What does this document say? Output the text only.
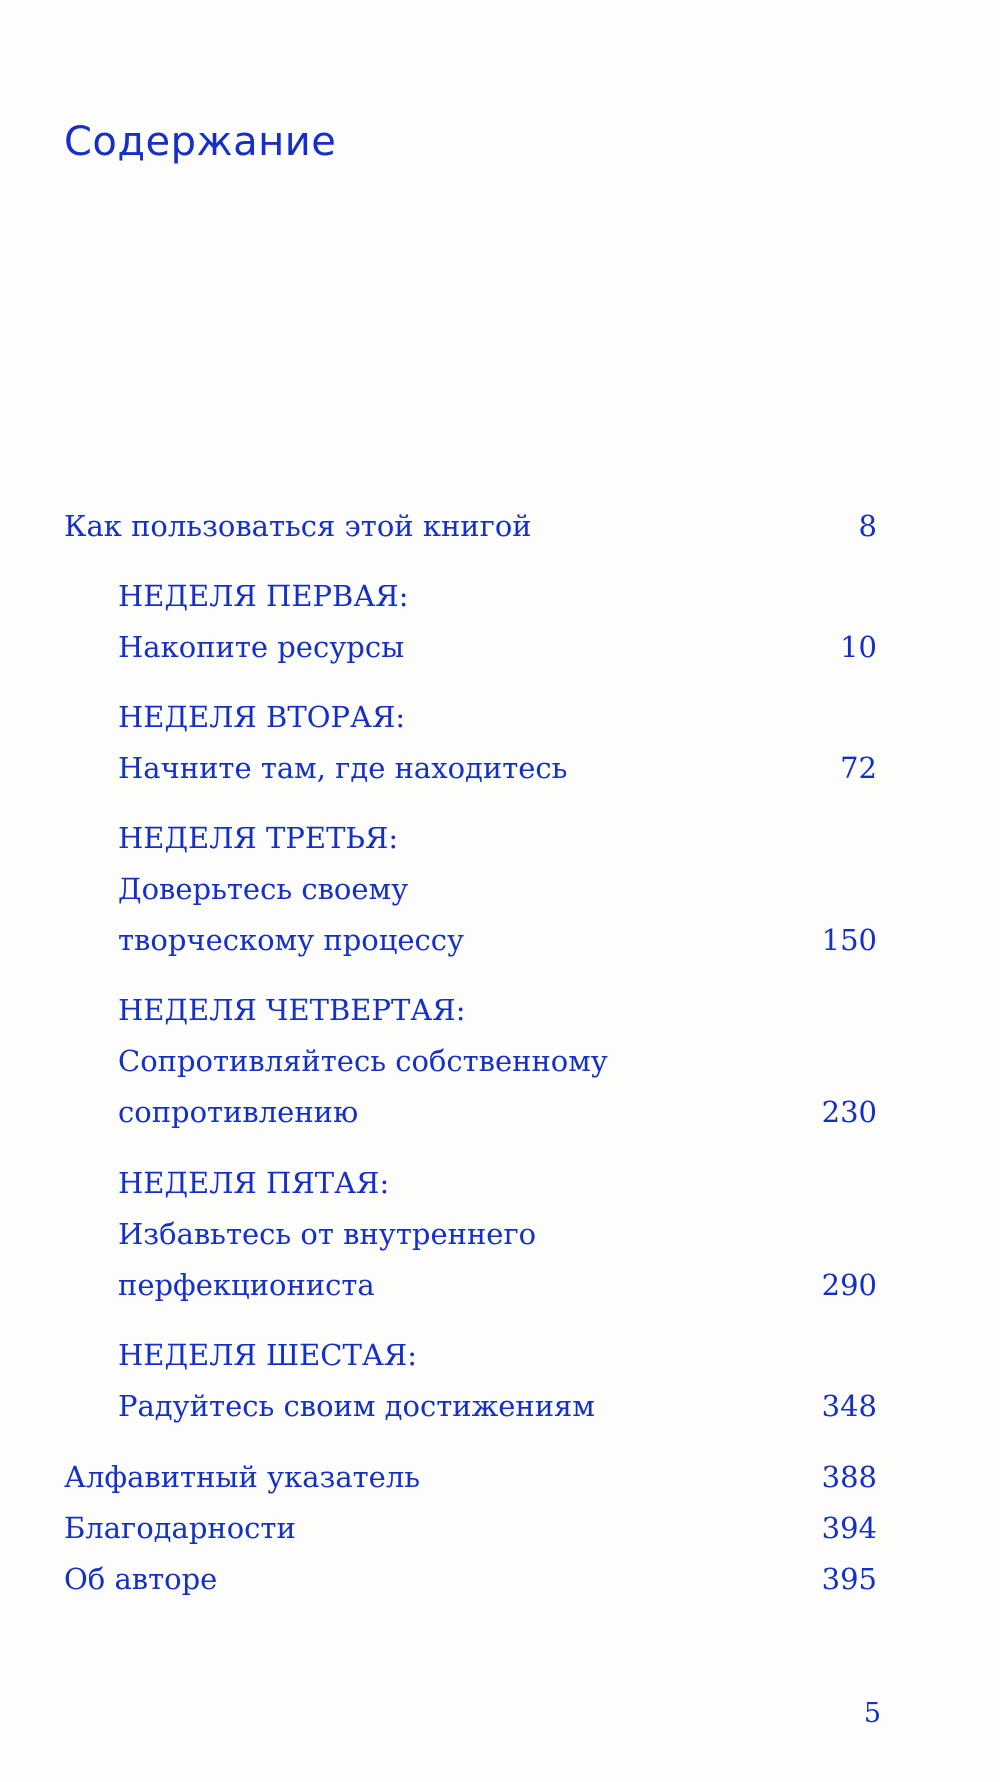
Содержание
Как пользоваться этой книгой	8
НЕДЕЛЯ ПЕРВАЯ:
Накопите ресурсы	10
НЕДЕЛЯ ВТОРАЯ:
Начните там, где находитесь	72
НЕДЕЛЯ ТРЕТЬЯ:
Доверьтесь своему
творческому процессу	150
НЕДЕЛЯ ЧЕТВЕРТАЯ:
Сопротивляйтесь собственному
сопротивлению	230
НЕДЕЛЯ ПЯТАЯ:
Избавьтесь от внутреннего
перфекциониста	290
НЕДЕЛЯ ШЕСТАЯ:
Радуйтесь своим достижениям	348
Алфавитный указатель	388
Благодарности	394
Об авторе	395
5
